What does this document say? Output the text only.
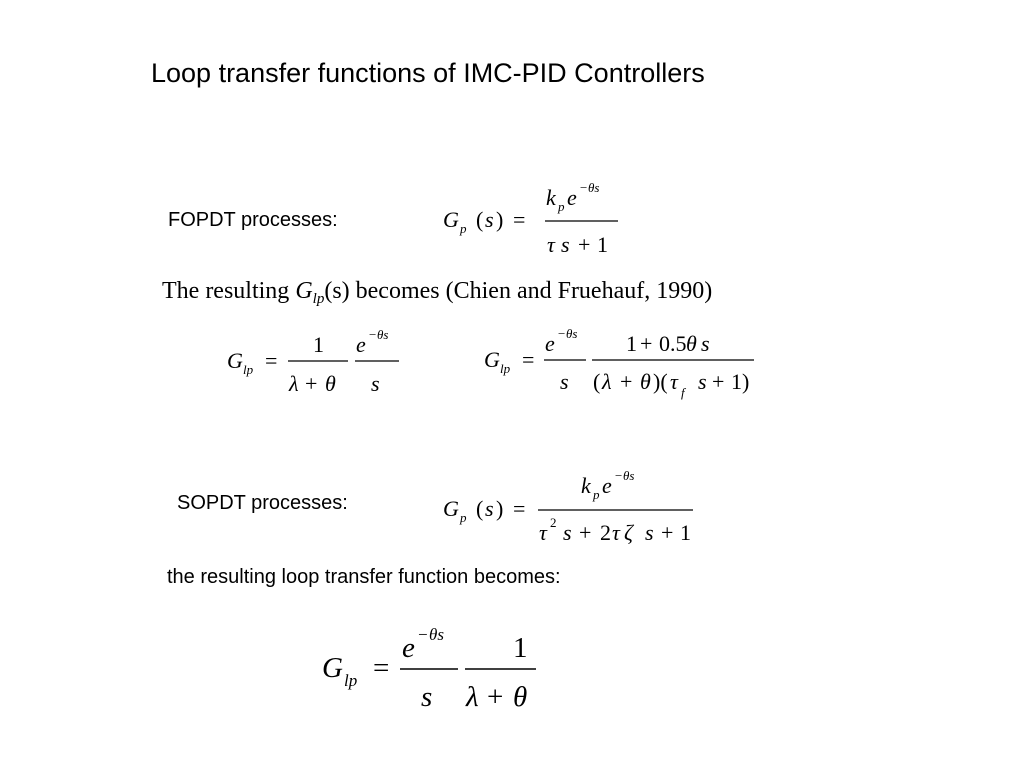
Loop transfer functions of IMC-PID Controllers
FOPDT processes:	G p ( s ) =
k p e − θs
τ s + 1
The resulting $G_{lp}(s)$ becomes (Chien and Fruehauf, 1990)
G lp =
1
λ + θ
e − θs
s
G lp =
e − θs
s
1 + 0.5 θ s
( λ + θ )( τ f s + 1)
SOPDT processes:	G p ( s ) =
k p e − θs
τ 2 s + 2 τ ζ s + 1
the resulting loop transfer function becomes:
G lp =
e − θs
s
1
λ + θ
